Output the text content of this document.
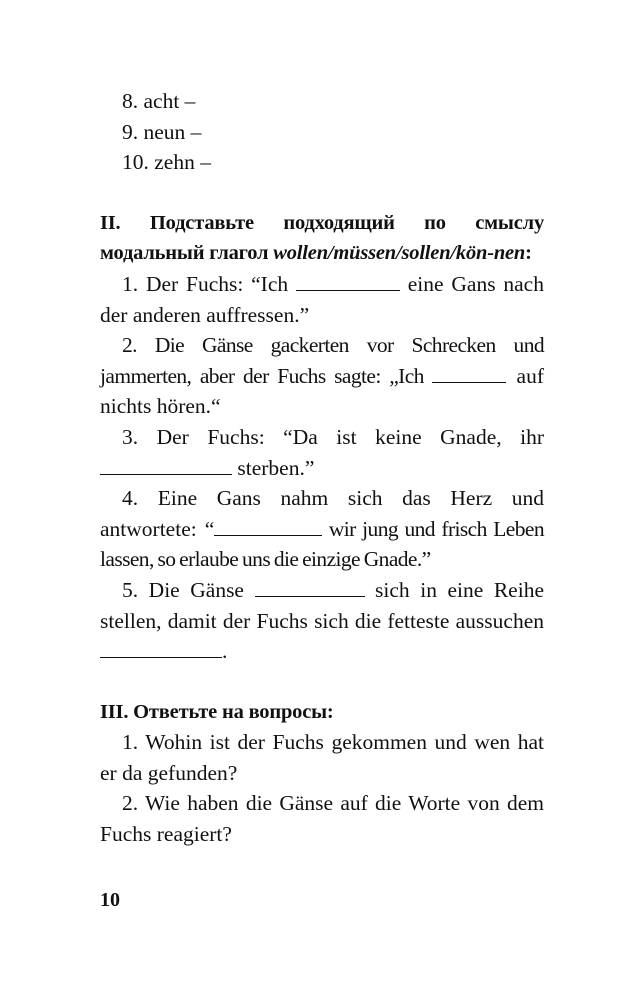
8. acht –
9. neun –
10. zehn –
II. Подставьте подходящий по смыслу модальный глагол wollen/müssen/sollen/kön-nen:
1. Der Fuchs: “Ich	eine Gans nach der anderen auffressen.”
2. Die Gänse gackerten vor Schrecken und jammerten, aber der Fuchs sagte: „Ich	auf nichts hören.“
3. Der Fuchs: “Da ist keine Gnade, ihr  sterben.”
4. Eine Gans nahm sich das Herz und antwortete: “	wir jung und frisch Leben lassen, so erlaube uns die einzige Gnade.”
5. Die Gänse	sich in eine Reihe stellen, damit der Fuchs sich die fetteste aussuchen .
III. Ответьте на вопросы:
1. Wohin ist der Fuchs gekommen und wen hat er da gefunden?
2. Wie haben die Gänse auf die Worte von dem Fuchs reagiert?
10
